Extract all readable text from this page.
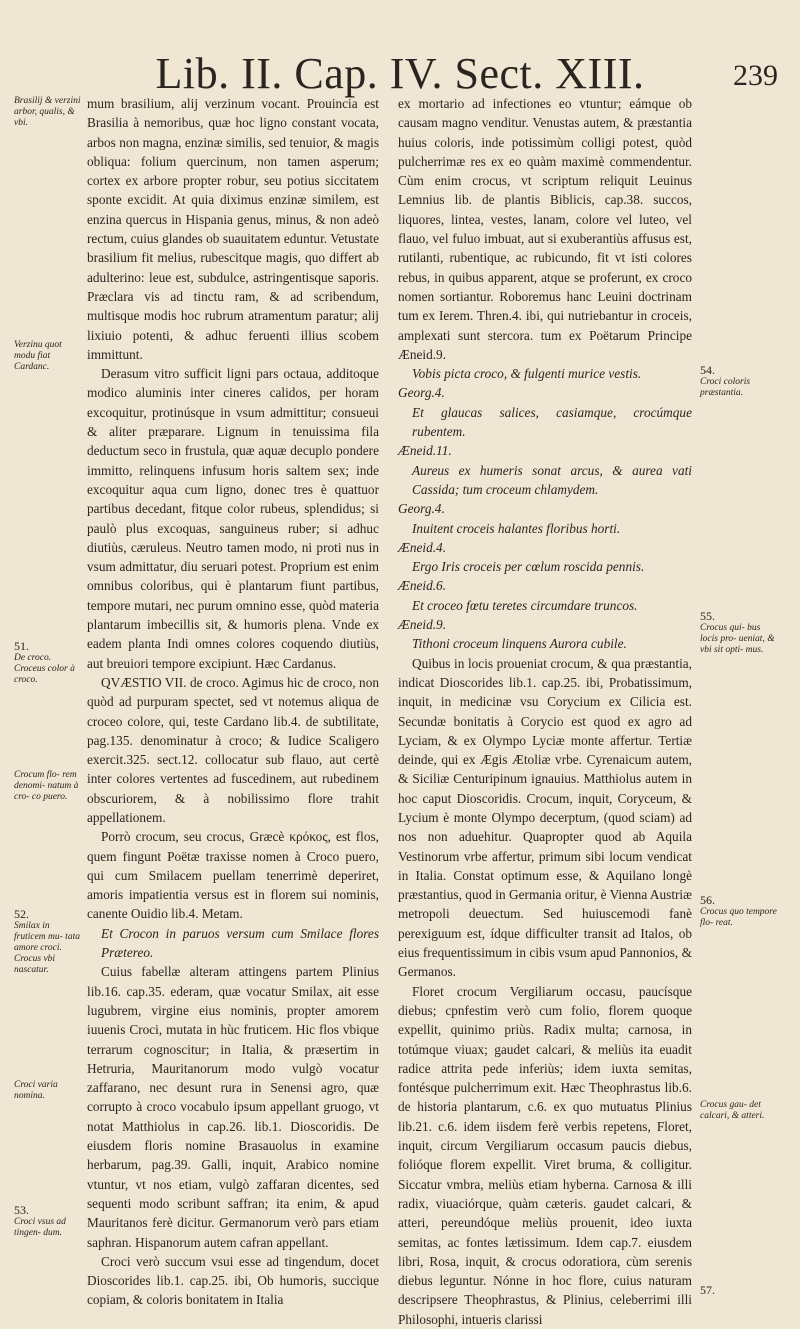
Lib. II. Cap. IV. Sect. XIII.	239

mum brasilium, alij verzinum vocant. Prouincia est Brasilia à nemoribus, quæ hoc ligno constant vocata, arbos non magna, enzinæ similis, sed tenuior, & magis obliqua: folium quercinum, non tamen asperum; cortex ex arbore propter robur, seu potius siccitatem sponte excidit. At quia diximus enzinæ similem, est enzina quercus in Hispania genus, minus, & non adeò rectum, cuius glandes ob suauitatem eduntur. Vetustate brasilium fit melius, rubescitque magis, quo differt ab adulterino: leue est, subdulce, astringentisque saporis. Præclara vis ad tinctu ram, & ad scribendum, multisque modis hoc rubrum atramentum paratur; alij lixiuio potenti, & adhuc feruenti illius scobem immittunt.

Derasum vitro sufficit ligni pars octaua, additoque modico aluminis inter cineres calidos, per horam excoquitur, protinúsque in vsum admittitur; consueui & aliter præparare. Lignum in tenuissima fila deductum seco in frustula, quæ aquæ decuplo pondere immitto, relinquens infusum horis saltem sex; inde excoquitur aqua cum ligno, donec tres è quattuor partibus decedant, fitque color rubeus, splendidus; si paulò plus excoquas, sanguineus ruber; si adhuc diutiùs, cæruleus. Neutro tamen modo, ni proti nus in vsum admittatur, diu seruari potest. Proprium est enim omnibus coloribus, qui è plantarum fiunt partibus, tempore mutari, nec purum omnino esse, quòd materia plantarum imbecillis sit, & humoris plena. Vnde ex eadem planta Indi omnes colores coquendo diutiùs, aut breuiori tempore excipiunt. Hæc Cardanus.

QVÆSTIO VII. de croco. Agimus hic de croco, non quòd ad purpuram spectet, sed vt notemus aliqua de croceo colore, qui, teste Cardano lib.4. de subtilitate, pag.135. denominatur à croco; & Iudice Scaligero exercit.325. sect.12. collocatur sub flauo, aut certè inter colores vertentes ad fuscedinem, aut rubedinem obscuriorem, & à nobilissimo flore trahit appellationem.

Porrò crocum, seu crocus, Græcè κρόκος, est flos, quem fingunt Poëtæ traxisse nomen à Croco puero, qui cum Smilacem puellam tenerrimè deperiret, amoris impatientia versus est in florem sui nominis, canente Ouidio lib.4. Metam.

Et Crocon in paruos versum cum Smilace flores Prætereo.

Cuius fabellæ alteram attingens partem Plinius lib.16. cap.35. ederam, quæ vocatur Smilax, ait esse lugubrem, virgine eius nominis, propter amorem iuuenis Croci, mutata in hùc fruticem. Hic flos vbique terrarum cognoscitur; in Italia, & præsertim in Hetruria, Mauritanorum modo vulgò vocatur zaffarano, nec desunt rura in Senensi agro, quæ corrupto à croco vocabulo ipsum appellant gruogo, vt notat Matthiolus in cap.26. lib.1. Dioscoridis. De eiusdem floris nomine Brasauolus in examine herbarum, pag.39. Galli, inquit, Arabico nomine vtuntur, vt nos etiam, vulgò zaffaran dicentes, sed sequenti modo scribunt saffran; ita enim, & apud Mauritanos ferè dicitur. Germanorum verò pars etiam saphran. Hispanorum autem cafran appellant.

Croci verò succum vsui esse ad tingendum, docet Dioscorides lib.1. cap.25. ibi, Ob humoris, succique copiam, & coloris bonitatem in Italia

ex mortario ad infectiones eo vtuntur; eámque ob causam magno venditur. Venustas autem, & præstantia huius coloris, inde potissimùm colligi potest, quòd pulcherrimæ res ex eo quàm maximè commendentur. Cùm enim crocus, vt scriptum reliquit Leuinus Lemnius lib. de plantis Biblicis, cap.38. succos, liquores, lintea, vestes, lanam, colore vel luteo, vel flauo, vel fuluo imbuat, aut si exuberantiùs affusus est, rutilanti, rubentique, ac rubicundo, fit vt isti colores rebus, in quibus apparent, atque se proferunt, ex croco nomen sortiantur. Roboremus hanc Leuini doctrinam tum ex Ierem. Thren.4. ibi, qui nutriebantur in croceis, amplexati sunt stercora. tum ex Poëtarum Principe Æneid.9.

Vobis picta croco, & fulgenti murice vestis.

Georg.4.

Et glaucas salices, casiamque, crocúmque rubentem.

Æneid.11.

Aureus ex humeris sonat arcus, & aurea vati Cassida; tum croceum chlamydem.

Georg.4.

Inuitent croceis halantes floribus horti.

Æneid.4.

Ergo Iris croceis per cœlum roscida pennis.

Æneid.6.

Et croceo fœtu teretes circumdare truncos.

Æneid.9.

Tithoni croceum linquens Aurora cubile.

Quibus in locis proueniat crocum, & qua præstantia, indicat Dioscorides lib.1. cap.25. ibi, Probatissimum, inquit, in medicinæ vsu Corycium ex Cilicia est. Secundæ bonitatis à Corycio est quod ex agro ad Lyciam, & ex Olympo Lyciæ monte affertur. Tertiæ deinde, qui ex Ægis Ætoliæ vrbe. Cyrenaicum autem, & Siciliæ Centuripinum ignauius. Matthiolus autem in hoc caput Dioscoridis. Crocum, inquit, Coryceum, & Lycium è monte Olympo decerptum, (quod sciam) ad nos non aduehitur. Quapropter quod ab Aquila Vestinorum vrbe affertur, primum sibi locum vendicat in Italia. Constat optimum esse, & Aquilano longè præstantius, quod in Germania oritur, è Vienna Austriæ metropoli deuectum. Sed huiuscemodi fanè perexiguum est, ídque difficulter transit ad Italos, ob eius frequentissimum in cibis vsum apud Pannonios, & Germanos.

Floret crocum Vergiliarum occasu, paucísque diebus; cpnfestim verò cum folio, florem quoque expellit, quinimo priùs. Radix multa; carnosa, in totúmque viuax; gaudet calcari, & meliùs ita euadit radice attrita pede inferiùs; idem iuxta semitas, fontésque pulcherrimum exit. Hæc Theophrastus lib.6. de historia plantarum, c.6. ex quo mutuatus Plinius lib.21. c.6. idem iisdem ferè verbis repetens, Floret, inquit, circum Vergiliarum occasum paucis diebus, folióque florem expellit. Viret bruma, & colligitur. Siccatur vmbra, meliùs etiam hyberna. Carnosa & illi radix, viuaciórque, quàm cæteris. gaudet calcari, & atteri, pereundóque meliùs prouenit, ideo iuxta semitas, ac fontes lætissimum. Idem cap.7. eiusdem libri, Rosa, inquit, & crocus odoratiora, cùm serenis diebus leguntur. Nónne in hoc flore, cuius naturam descripsere Theophrastus, & Plinius, celeberrimi illi Philosophi, intueris clarissi

Brasilij & verzini arbor, qualis, & vbi.
Verzinu quot modu fiat Cardanc.
51.
De croco. Croceus color à croco.
Crocum flo- rem denomi- natum à cro- co puero.
52.
Smilax in fruticem mu- tata amore croci. Crocus vbi nascatur.
Croci varia nomina.
53.
Croci vsus ad tingen- dum.
54.
Croci coloris præstantia.
55.
Crocus qui- bus locis pro- ueniat, & vbi sit opti- mus.
56.
Crocus quo tempore flo- reat.
Crocus gau- det calcari, & atteri.
57.
